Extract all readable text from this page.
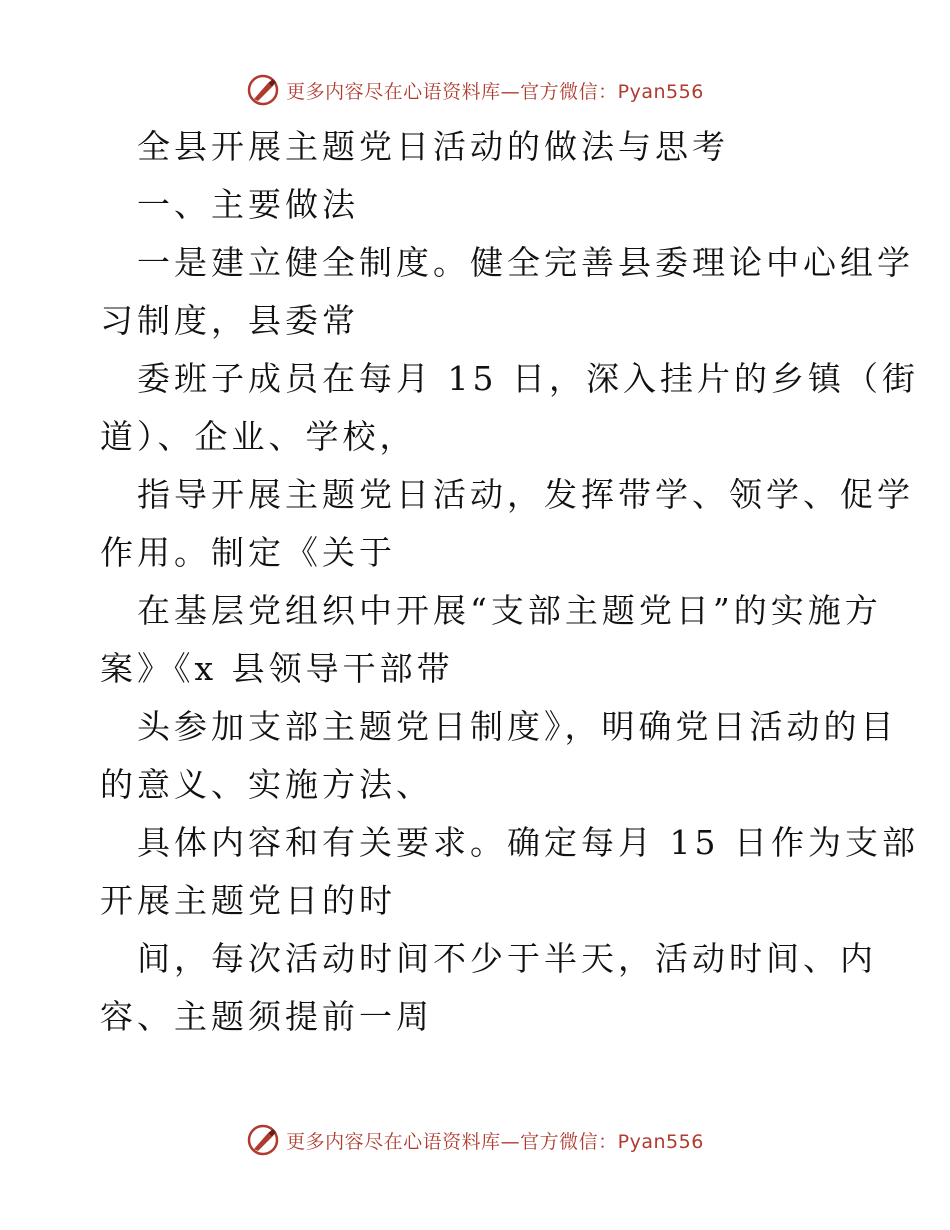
更多内容尽在心语资料库—官方微信：Pyan556
全县开展主题党日活动的做法与思考
一、主要做法
一是建立健全制度。健全完善县委理论中心组学
习制度，县委常
委班子成员在每月 15 日，深入挂片的乡镇（街
道）、企业、学校，
指导开展主题党日活动，发挥带学、领学、促学
作用。制定《关于
在基层党组织中开展“支部主题党日”的实施方
案》《x 县领导干部带
头参加支部主题党日制度》，明确党日活动的目
的意义、实施方法、
具体内容和有关要求。确定每月 15 日作为支部
开展主题党日的时
间，每次活动时间不少于半天，活动时间、内
容、主题须提前一周
更多内容尽在心语资料库—官方微信：Pyan556
